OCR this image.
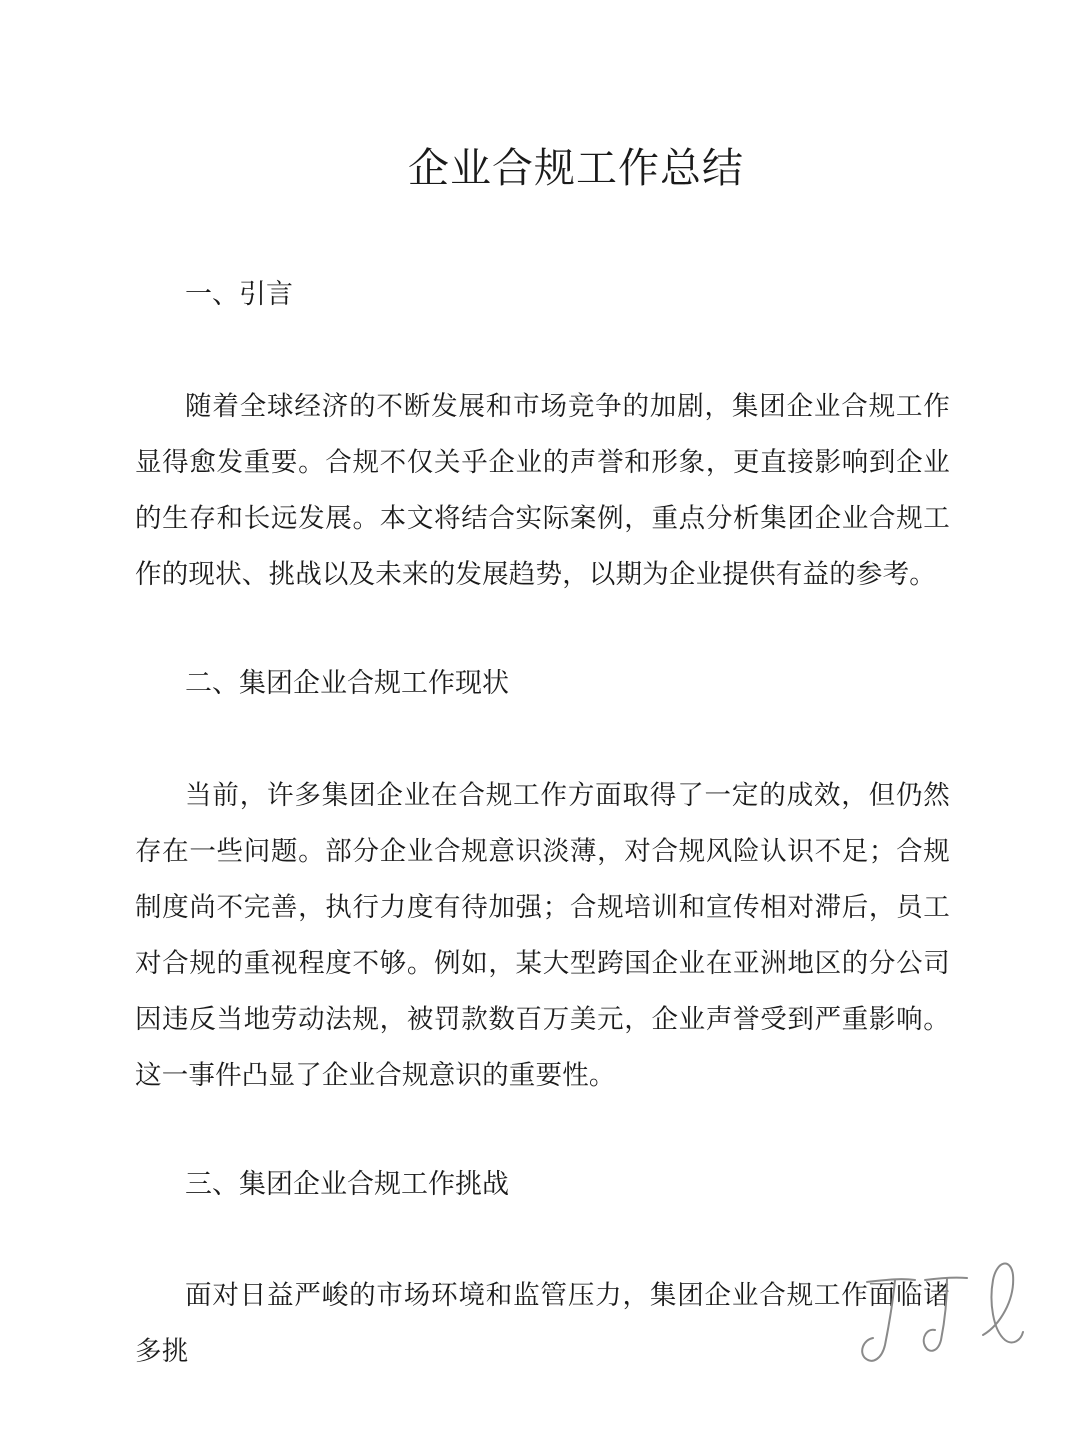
企业合规工作总结
一、引言

随着全球经济的不断发展和市场竞争的加剧，集团企业合规工作显得愈发重要。合规不仅关乎企业的声誉和形象，更直接影响到企业的生存和长远发展。本文将结合实际案例，重点分析集团企业合规工作的现状、挑战以及未来的发展趋势，以期为企业提供有益的参考。

二、集团企业合规工作现状

当前，许多集团企业在合规工作方面取得了一定的成效，但仍然存在一些问题。部分企业合规意识淡薄，对合规风险认识不足；合规制度尚不完善，执行力度有待加强；合规培训和宣传相对滞后，员工对合规的重视程度不够。例如，某大型跨国企业在亚洲地区的分公司因违反当地劳动法规，被罚款数百万美元，企业声誉受到严重影响。这一事件凸显了企业合规意识的重要性。

三、集团企业合规工作挑战

面对日益严峻的市场环境和监管压力，集团企业合规工作面临诸多挑
